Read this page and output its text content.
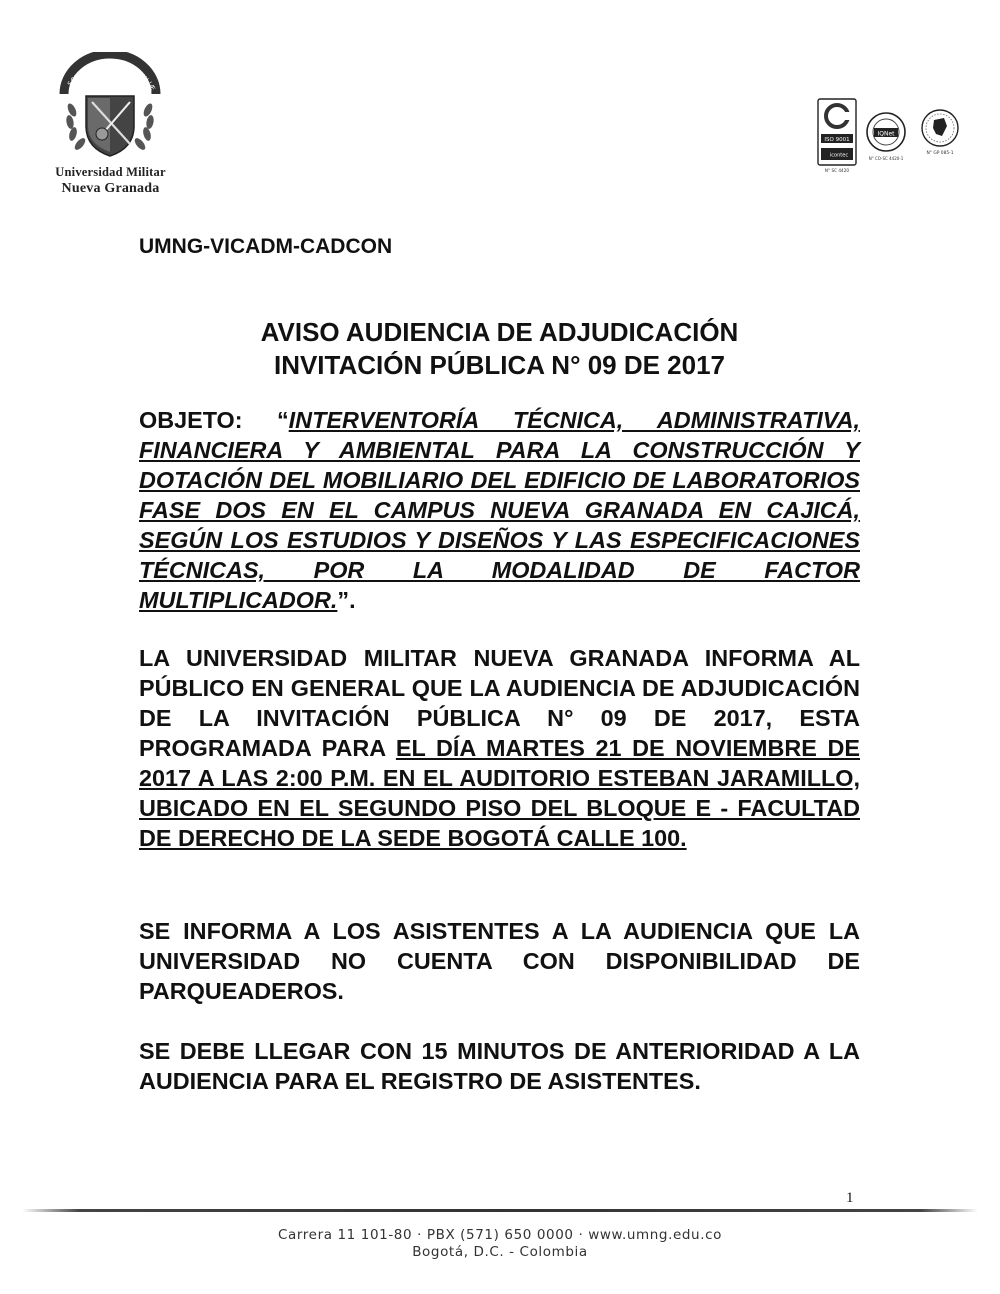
SCIENTIÆ PATRIÆ FAMILIÆ
Universidad Militar
Nueva Granada
ISO 9001
icontec
N° SC 4420
IQNet
N° CO-SC 4420-1
N° GP 085-1
UMNG-VICADM-CADCON
AVISO AUDIENCIA DE ADJUDICACIÓN
INVITACIÓN PÚBLICA N° 09 DE 2017

OBJETO: “INTERVENTORÍA TÉCNICA, ADMINISTRATIVA, FINANCIERA Y AMBIENTAL PARA LA CONSTRUCCIÓN Y DOTACIÓN DEL MOBILIARIO DEL EDIFICIO DE LABORATORIOS FASE DOS EN EL CAMPUS NUEVA GRANADA EN CAJICÁ, SEGÚN LOS ESTUDIOS Y DISEÑOS Y LAS ESPECIFICACIONES TÉCNICAS, POR LA MODALIDAD DE FACTOR MULTIPLICADOR.”.

LA UNIVERSIDAD MILITAR NUEVA GRANADA INFORMA AL PÚBLICO EN GENERAL QUE LA AUDIENCIA DE ADJUDICACIÓN DE LA INVITACIÓN PÚBLICA N° 09 DE 2017, ESTA PROGRAMADA PARA EL DÍA MARTES 21 DE NOVIEMBRE DE 2017 A LAS 2:00 P.M. EN EL AUDITORIO ESTEBAN JARAMILLO, UBICADO EN EL SEGUNDO PISO DEL BLOQUE E - FACULTAD DE DERECHO DE LA SEDE BOGOTÁ CALLE 100.

SE INFORMA A LOS ASISTENTES A LA AUDIENCIA QUE LA UNIVERSIDAD NO CUENTA CON DISPONIBILIDAD DE PARQUEADEROS.

SE DEBE LLEGAR CON 15 MINUTOS DE ANTERIORIDAD A LA AUDIENCIA PARA EL REGISTRO DE ASISTENTES.

1
Carrera 11 101-80 · PBX (571) 650 0000 · www.umng.edu.co
Bogotá, D.C. - Colombia
